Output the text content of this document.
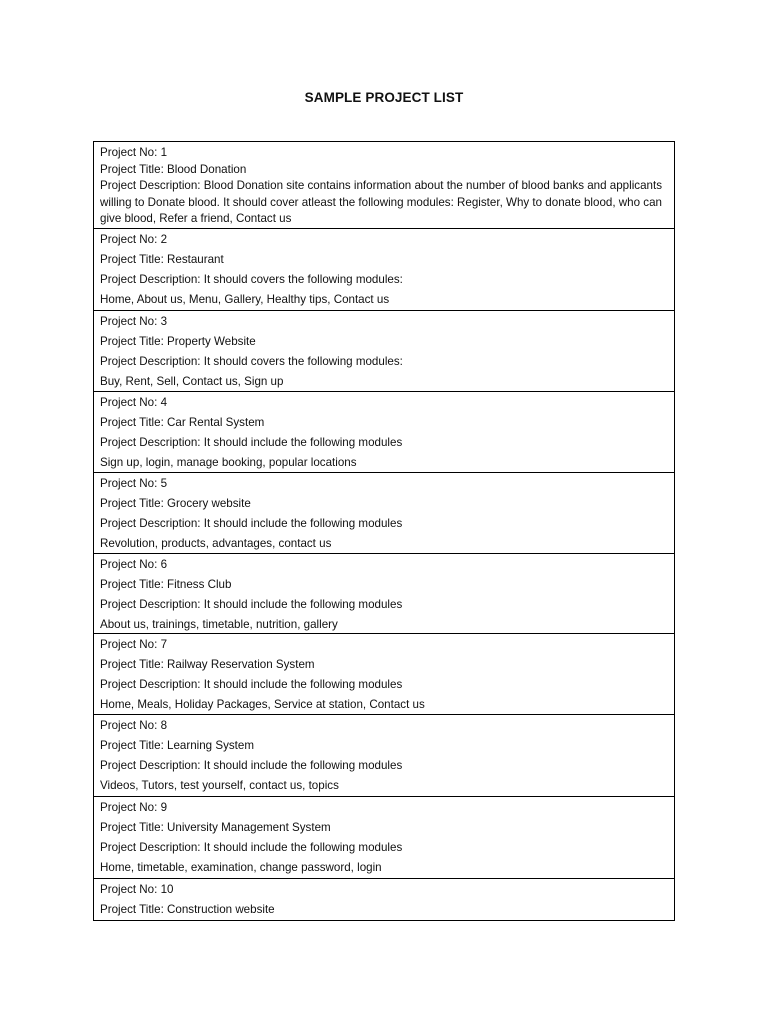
SAMPLE PROJECT LIST
Project No: 1
Project Title: Blood Donation
Project Description: Blood Donation site contains information about the number of blood banks and applicants willing to Donate blood. It should cover atleast the following modules: Register, Why to donate blood, who can give blood, Refer a friend, Contact us
Project No: 2
Project Title: Restaurant
Project Description: It should covers the following modules:
Home, About us, Menu, Gallery, Healthy tips, Contact us
Project No: 3
Project Title: Property Website
Project Description: It should covers the following modules:
Buy, Rent, Sell, Contact us, Sign up
Project No: 4
Project Title: Car Rental System
Project Description: It should include the following modules
Sign up, login, manage booking, popular locations
Project No: 5
Project Title: Grocery website
Project Description: It should include the following modules
Revolution, products, advantages, contact us
Project No: 6
Project Title: Fitness Club
Project Description: It should include the following modules
About us, trainings, timetable, nutrition, gallery
Project No: 7
Project Title: Railway Reservation System
Project Description: It should include the following modules
Home, Meals, Holiday Packages, Service at station, Contact us
Project No: 8
Project Title: Learning System
Project Description: It should include the following modules
Videos, Tutors, test yourself, contact us, topics
Project No: 9
Project Title: University Management System
Project Description: It should include the following modules
Home, timetable, examination, change password, login
Project No: 10
Project Title: Construction website
